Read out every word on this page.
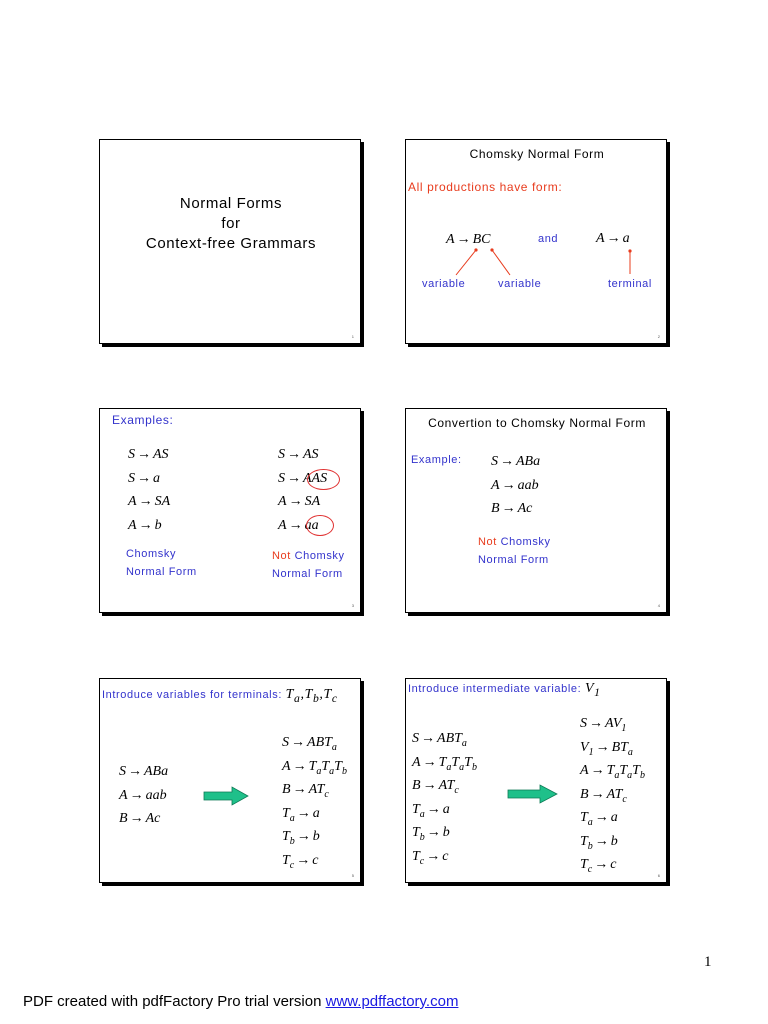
Normal Forms
for
Context-free Grammars
1
Chomsky Normal Form
All productions have form:
A → BC	and	A → a
variable	variable	terminal
2
Examples:
S → AS
S → a
A → SA
A → b
S → AS
S → AAS
A → SA
A → aa
Chomsky
Normal Form
Not Chomsky
Normal Form
3
Convertion to Chomsky Normal Form
Example: S → ABa
A → aab
B → Ac
Not Chomsky
Normal Form
4
Introduce variables for terminals: $T_a,T_b,T_c$
S → ABa
A → aab
B → Ac
$S \to ABT_a$
$A \to T_aT_aT_b$
$B \to AT_c$
$T_a \to a$
$T_b \to b$
$T_c \to c$
5
Introduce intermediate variable: $V_1$
$S \to ABT_a$
$A \to T_aT_aT_b$
$B \to AT_c$
$T_a \to a$
$T_b \to b$
$T_c \to c$
$S \to AV_1$
$V_1 \to BT_a$
$A \to T_aT_aT_b$
$B \to AT_c$
$T_a \to a$
$T_b \to b$
$T_c \to c$
6
1
PDF created with pdfFactory Pro trial version www.pdffactory.com
